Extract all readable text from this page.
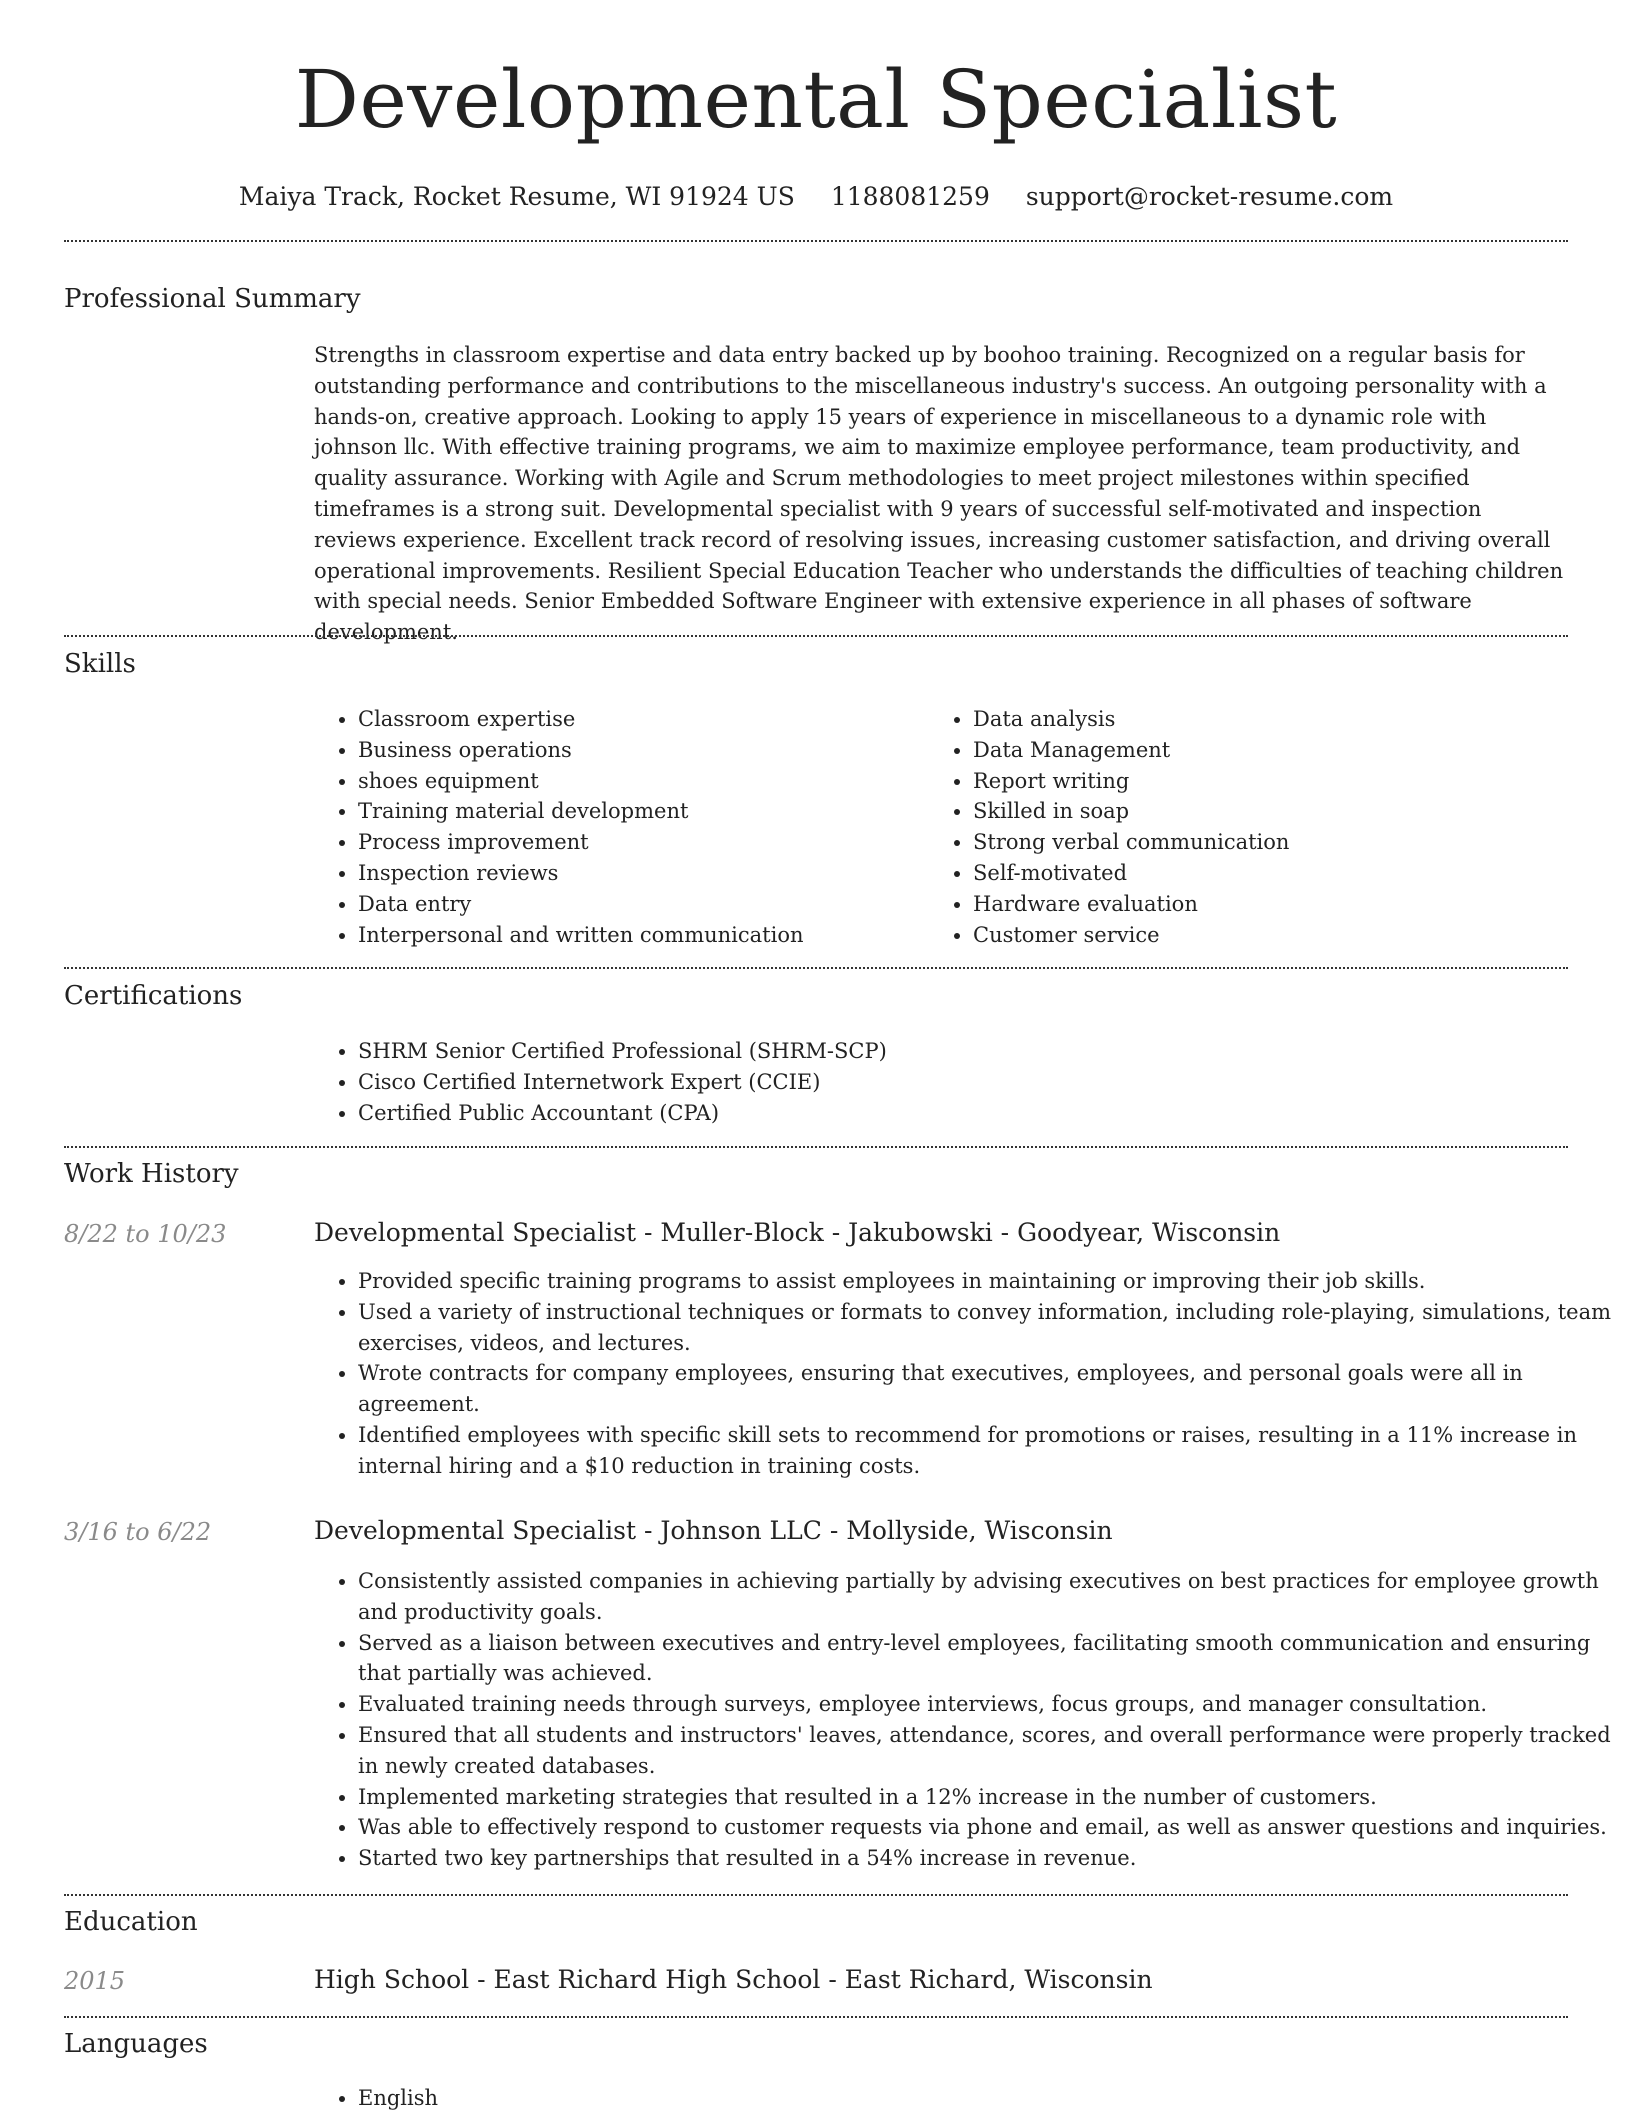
Developmental Specialist
Maiya Track, Rocket Resume, WI 91924 US 1188081259 support@rocket-resume.com
Professional Summary
Strengths in classroom expertise and data entry backed up by boohoo training. Recognized on a regular basis for outstanding performance and contributions to the miscellaneous industry's success. An outgoing personality with a hands-on, creative approach. Looking to apply 15 years of experience in miscellaneous to a dynamic role with johnson llc. With effective training programs, we aim to maximize employee performance, team productivity, and quality assurance. Working with Agile and Scrum methodologies to meet project milestones within specified timeframes is a strong suit. Developmental specialist with 9 years of successful self-motivated and inspection reviews experience. Excellent track record of resolving issues, increasing customer satisfaction, and driving overall operational improvements. Resilient Special Education Teacher who understands the difficulties of teaching children with special needs. Senior Embedded Software Engineer with extensive experience in all phases of software development.
Skills
• Classroom expertise
• Business operations
• shoes equipment
• Training material development
• Process improvement
• Inspection reviews
• Data entry
• Interpersonal and written communication
• Data analysis
• Data Management
• Report writing
• Skilled in soap
• Strong verbal communication
• Self-motivated
• Hardware evaluation
• Customer service
Certifications
• SHRM Senior Certified Professional (SHRM-SCP)
• Cisco Certified Internetwork Expert (CCIE)
• Certified Public Accountant (CPA)
Work History
8/22 to 10/23	Developmental Specialist - Muller-Block - Jakubowski - Goodyear, Wisconsin
• Provided specific training programs to assist employees in maintaining or improving their job skills.
• Used a variety of instructional techniques or formats to convey information, including role-playing, simulations, team exercises, videos, and lectures.
• Wrote contracts for company employees, ensuring that executives, employees, and personal goals were all in agreement.
• Identified employees with specific skill sets to recommend for promotions or raises, resulting in a 11% increase in internal hiring and a $10 reduction in training costs.
3/16 to 6/22	Developmental Specialist - Johnson LLC - Mollyside, Wisconsin
• Consistently assisted companies in achieving partially by advising executives on best practices for employee growth and productivity goals.
• Served as a liaison between executives and entry-level employees, facilitating smooth communication and ensuring that partially was achieved.
• Evaluated training needs through surveys, employee interviews, focus groups, and manager consultation.
• Ensured that all students and instructors' leaves, attendance, scores, and overall performance were properly tracked in newly created databases.
• Implemented marketing strategies that resulted in a 12% increase in the number of customers.
• Was able to effectively respond to customer requests via phone and email, as well as answer questions and inquiries.
• Started two key partnerships that resulted in a 54% increase in revenue.
Education
2015	High School - East Richard High School - East Richard, Wisconsin
Languages
• English
